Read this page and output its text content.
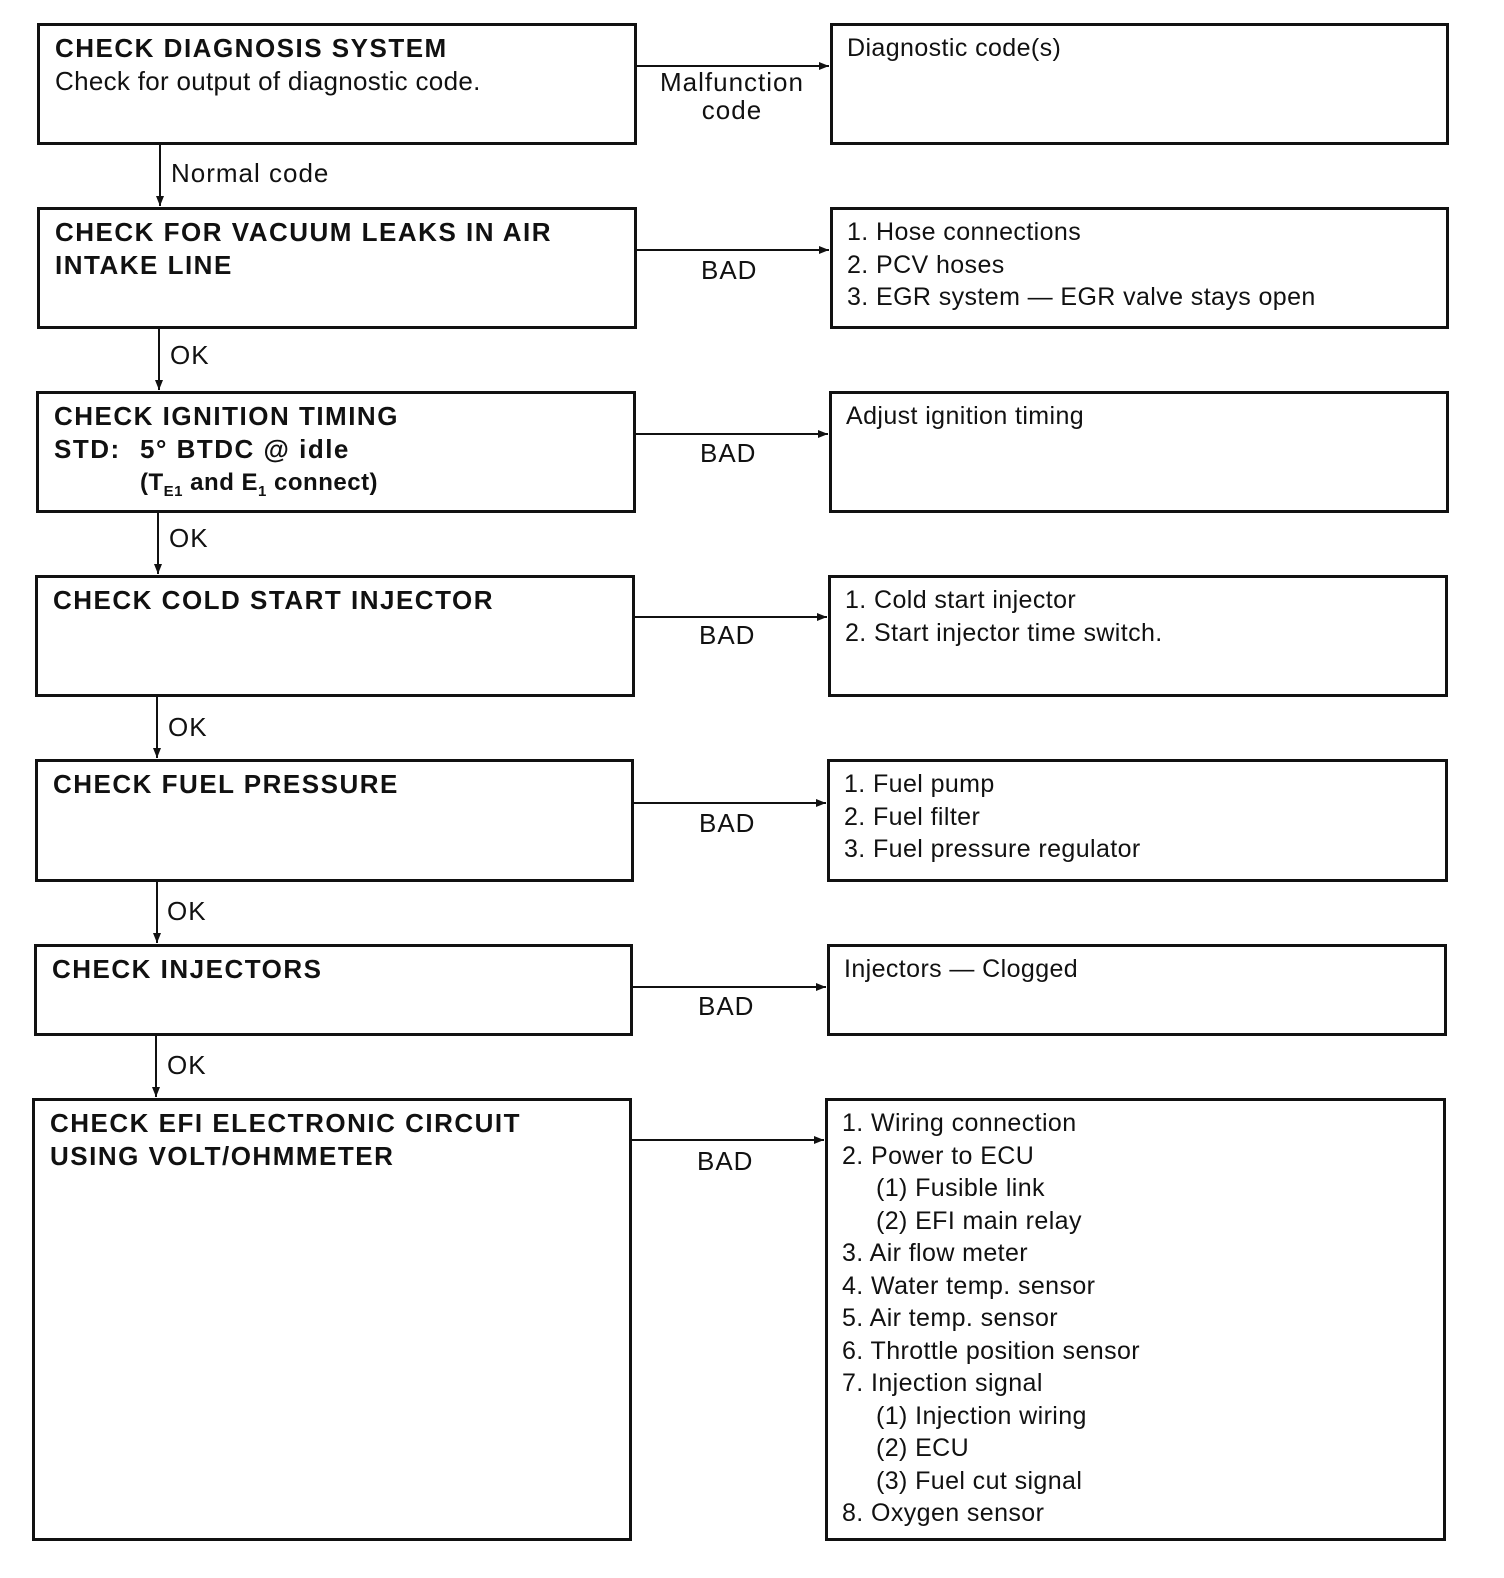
CHECK DIAGNOSIS SYSTEM
Check for output of diagnostic code.
CHECK FOR VACUUM LEAKS IN AIR
INTAKE LINE
CHECK IGNITION TIMING
STD: 5° BTDC @ idle
($T_{E1}$ and $E_1$ connect)
CHECK COLD START INJECTOR
CHECK FUEL PRESSURE
CHECK INJECTORS
CHECK EFI ELECTRONIC CIRCUIT
USING VOLT/OHMMETER
Diagnostic code(s)
1. Hose connections
2. PCV hoses
3. EGR system — EGR valve stays open
Adjust ignition timing
1. Cold start injector
2. Start injector time switch.
1. Fuel pump
2. Fuel filter
3. Fuel pressure regulator
Injectors — Clogged
1. Wiring connection
2. Power to ECU
(1) Fusible link
(2) EFI main relay
3. Air flow meter
4. Water temp. sensor
5. Air temp. sensor
6. Throttle position sensor
7. Injection signal
(1) Injection wiring
(2) ECU
(3) Fuel cut signal
8. Oxygen sensor
Malfunction
code
Normal code
OK
OK
OK
OK
OK
BAD
BAD
BAD
BAD
BAD
BAD
